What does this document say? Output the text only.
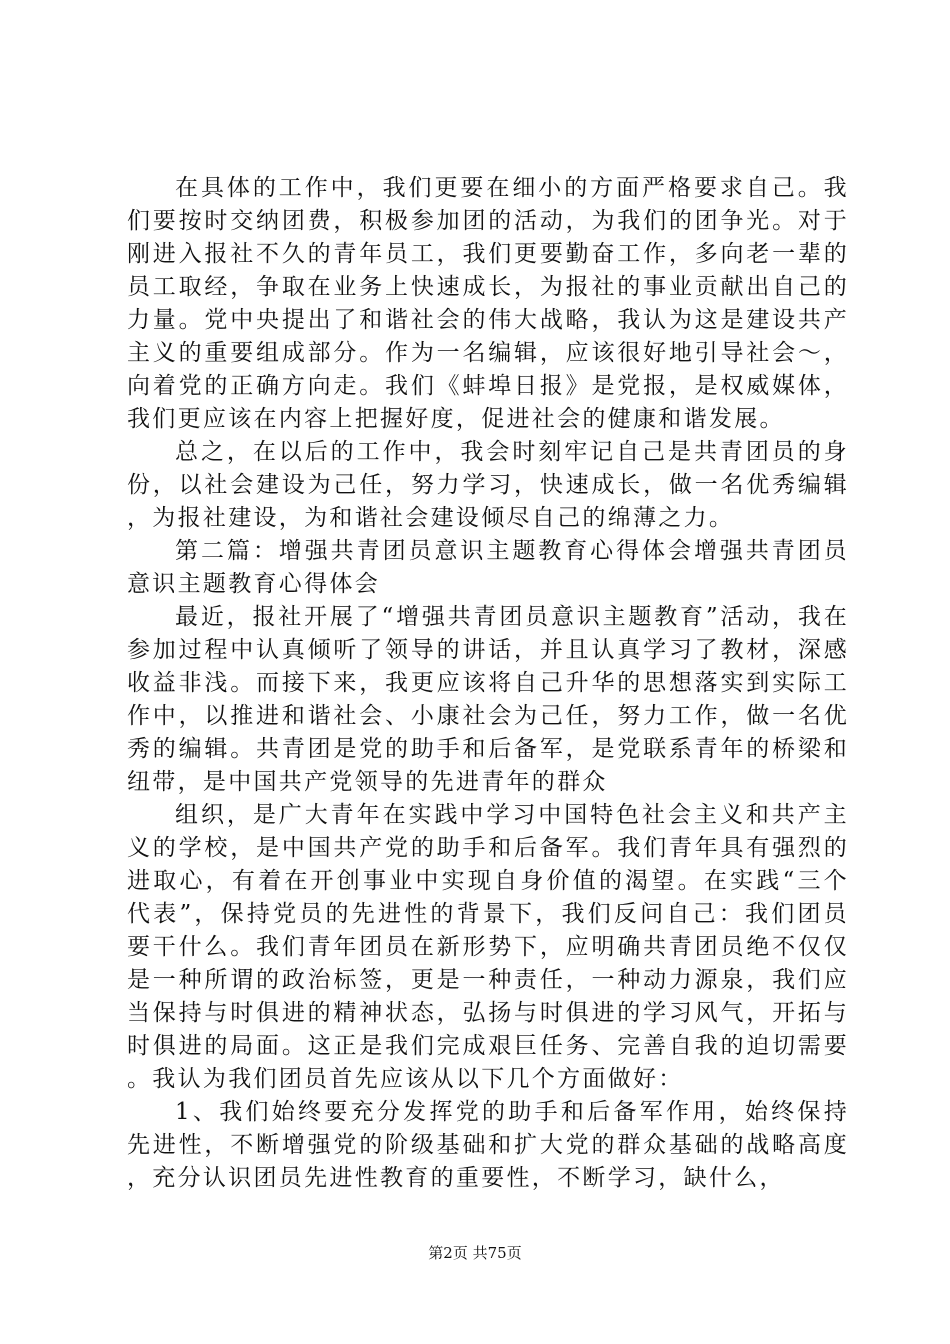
在具体的工作中，我们更要在细小的方面严格要求自己。我们要按时交纳团费，积极参加团的活动，为我们的团争光。对于刚进入报社不久的青年员工，我们更要勤奋工作，多向老一辈的员工取经，争取在业务上快速成长，为报社的事业贡献出自己的力量。党中央提出了和谐社会的伟大战略，我认为这是建设共产主义的重要组成部分。作为一名编辑，应该很好地引导社会～，向着党的正确方向走。我们《蚌埠日报》是党报，是权威媒体，我们更应该在内容上把握好度，促进社会的健康和谐发展。

总之，在以后的工作中，我会时刻牢记自己是共青团员的身份，以社会建设为己任，努力学习，快速成长，做一名优秀编辑，为报社建设，为和谐社会建设倾尽自己的绵薄之力。

第二篇：增强共青团员意识主题教育心得体会增强共青团员意识主题教育心得体会

最近，报社开展了“增强共青团员意识主题教育”活动，我在参加过程中认真倾听了领导的讲话，并且认真学习了教材，深感收益非浅。而接下来，我更应该将自己升华的思想落实到实际工作中，以推进和谐社会、小康社会为己任，努力工作，做一名优秀的编辑。共青团是党的助手和后备军，是党联系青年的桥梁和纽带，是中国共产党领导的先进青年的群众

组织，是广大青年在实践中学习中国特色社会主义和共产主义的学校，是中国共产党的助手和后备军。我们青年具有强烈的进取心，有着在开创事业中实现自身价值的渴望。在实践“三个代表”，保持党员的先进性的背景下，我们反问自己：我们团员要干什么。我们青年团员在新形势下，应明确共青团员绝不仅仅是一种所谓的政治标签，更是一种责任，一种动力源泉，我们应当保持与时俱进的精神状态，弘扬与时俱进的学习风气，开拓与时俱进的局面。这正是我们完成艰巨任务、完善自我的迫切需要。我认为我们团员首先应该从以下几个方面做好：

1、我们始终要充分发挥党的助手和后备军作用，始终保持先进性，不断增强党的阶级基础和扩大党的群众基础的战略高度，充分认识团员先进性教育的重要性，不断学习，缺什么，

第2页 共75页
